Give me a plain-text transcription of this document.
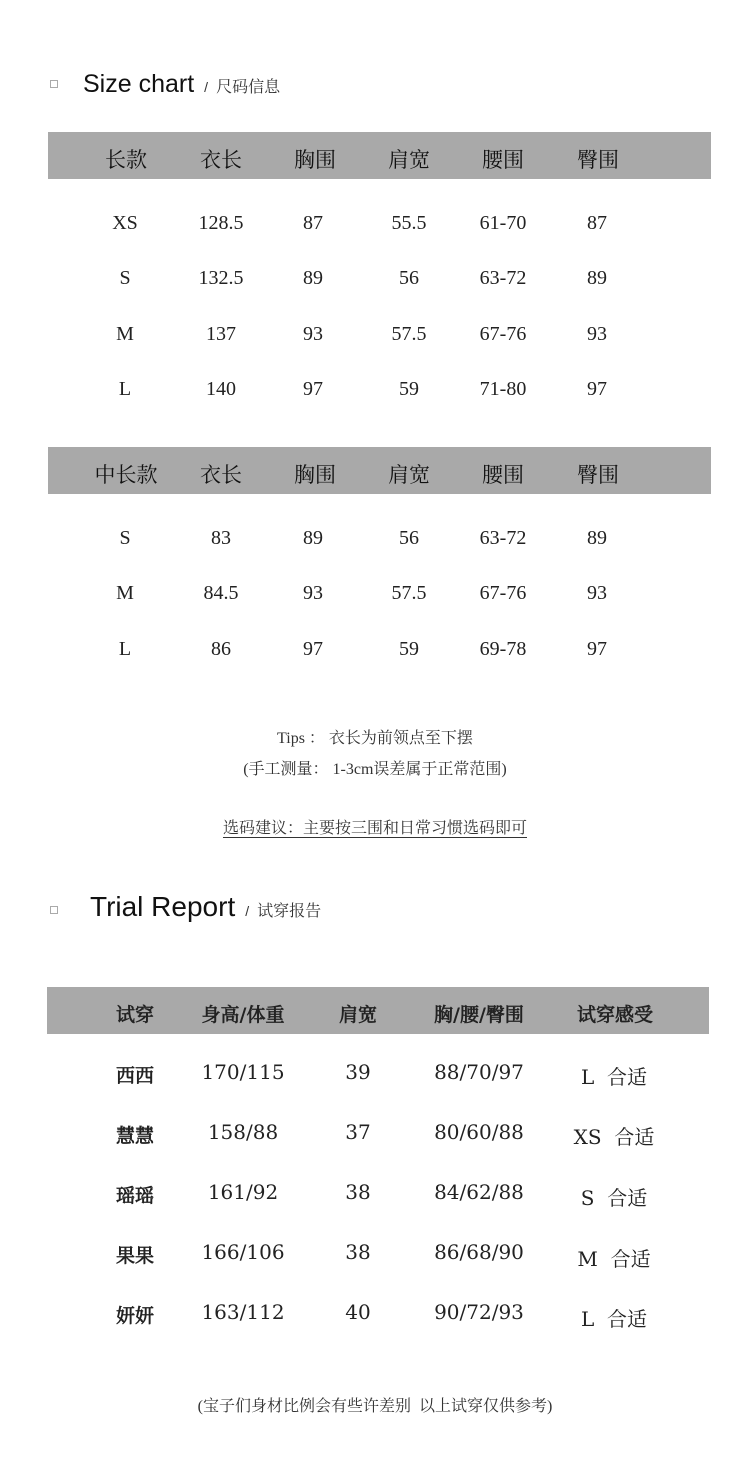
Size chart / 尺码信息
长款	衣长 胸围 肩宽 腰围	臀围
XS	128.5	87	55.5	61-70	87
S	132.5	89	56	63-72	89
M	137	93	57.5	67-76	93
L	140	97	59	71-80	97
中长款 衣长 胸围 肩宽 腰围	臀围
S	83	89	56	63-72	89
M	84.5	93	57.5	67-76	93
L	86	97	59	69-78	97
Tips ： 衣长为前领点至下摆
(手工测量： 1-3cm误差属于正常范围)
选码建议：主要按三围和日常习惯选码即可
Trial Report / 试穿报告
试穿	身高/体重	肩宽	胸/腰/臀围	试穿感受
西西 170/115	39	88/70/97	L  合适
慧慧	158/88	37	80/60/88 XS  合适
瑶瑶	161/92	38	84/62/88	S  合适
果果 166/106	38	86/68/90	M  合适
妍妍 163/112	40	90/72/93	L  合适
(宝子们身材比例会有些许差别  以上试穿仅供参考)
